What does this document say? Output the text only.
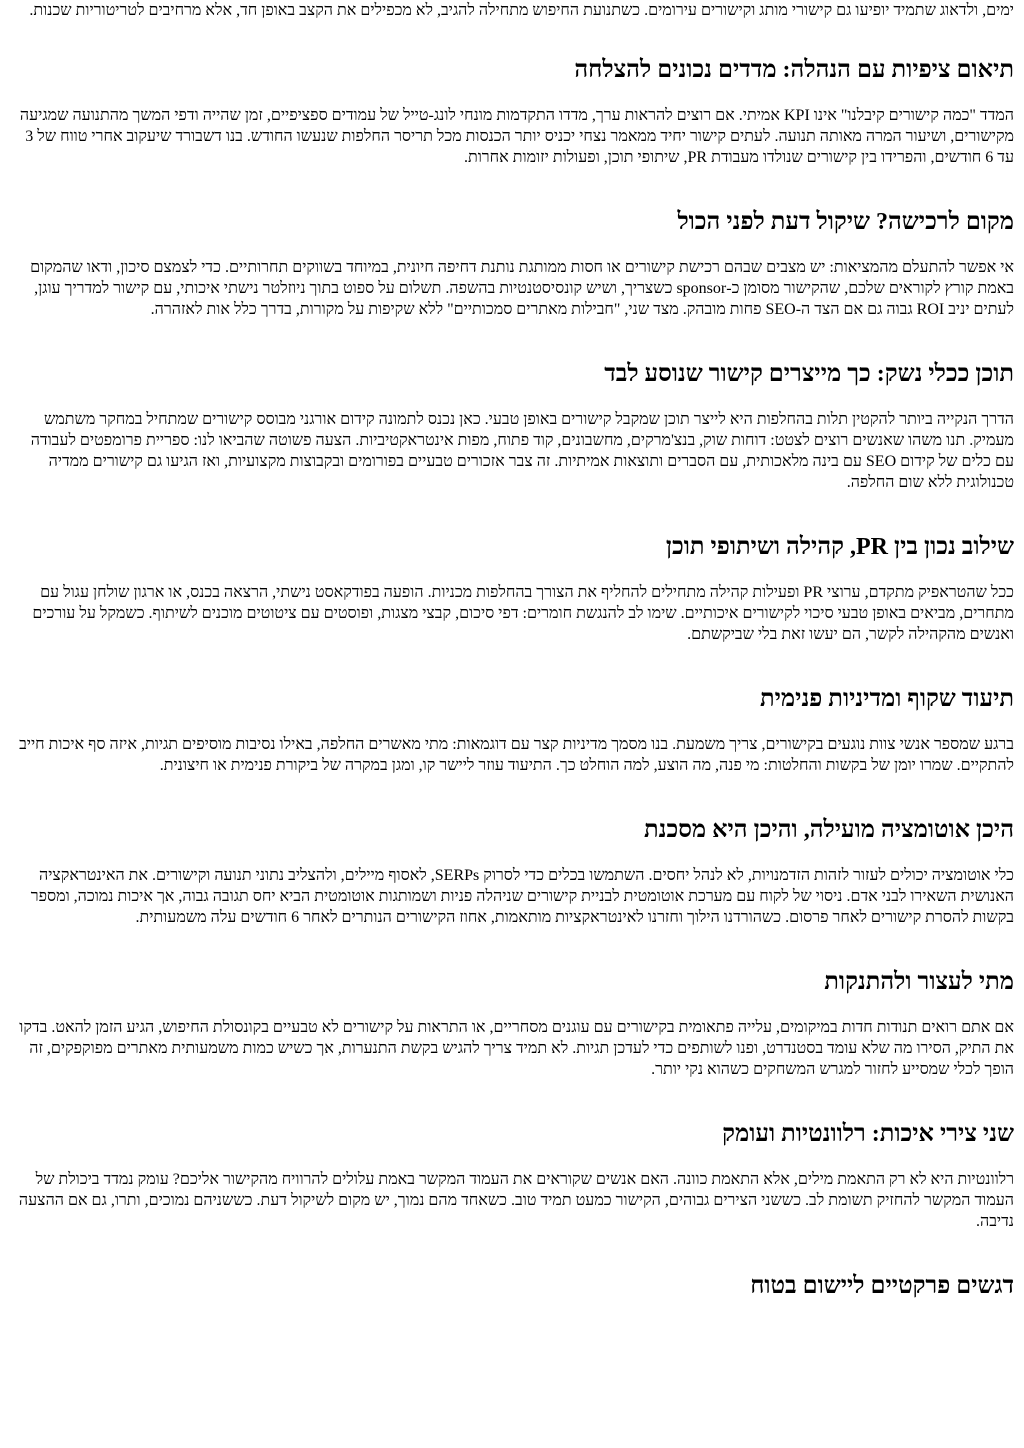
ימים, ולדאוג שתמיד יופיעו גם קישורי מותג וקישורים עירומים. כשתנועת החיפוש מתחילה להגיב, לא מכפילים את הקצב באופן חד, אלא מרחיבים לטריטוריות שכנות.

תיאום ציפיות עם הנהלה: מדדים נכונים להצלחה

המדד "כמה קישורים קיבלנו" אינו KPI אמיתי. אם רוצים להראות ערך, מדדו התקדמות מונחי לונג-טייל של עמודים ספציפיים, זמן שהייה ודפי המשך מהתנועה שמגיעה מקישורים, ושיעור המרה מאותה תנועה. לעתים קישור יחיד ממאמר נצחי יכניס יותר הכנסות מכל תריסר החלפות שנעשו החודש. בנו דשבורד שיעקוב אחרי טווח של 3 עד 6 חודשים, והפרידו בין קישורים שנולדו מעבודת PR, שיתופי תוכן, ופעולות יזומות אחרות.

מקום לרכישה? שיקול דעת לפני הכול

אי אפשר להתעלם מהמציאות: יש מצבים שבהם רכישת קישורים או חסות ממותגת נותנת דחיפה חיונית, במיוחד בשווקים תחרותיים. כדי לצמצם סיכון, ודאו שהמקום באמת קורץ לקוראים שלכם, שהקישור מסומן כ-sponsor כשצריך, ושיש קונסיסטנטיות בהשפה. תשלום על ספוט בתוך ניוזלטר נישתי איכותי, עם קישור למדריך עוגן, לעתים יניב ROI גבוה גם אם הצד ה-SEO פחות מובהק. מצד שני, "חבילות מאתרים סמכותיים" ללא שקיפות על מקורות, בדרך כלל אות לאזהרה.

תוכן ככלי נשק: כך מייצרים קישור שנוסע לבד

הדרך הנקייה ביותר להקטין תלות בהחלפות היא לייצר תוכן שמקבל קישורים באופן טבעי. כאן נכנס לתמונה קידום אורגני מבוסס קישורים שמתחיל במחקר משתמש מעמיק. תנו משהו שאנשים רוצים לצטט: דוחות שוק, בנצ'מרקים, מחשבונים, קוד פתוח, מפות אינטראקטיביות. הצעה פשוטה שהביאו לנו: ספריית פרומפטים לעבודה עם כלים של קידום SEO עם בינה מלאכותית, עם הסברים ותוצאות אמיתיות. זה צבר אזכורים טבעיים בפורומים ובקבוצות מקצועיות, ואז הגיעו גם קישורים ממדיה טכנולוגית ללא שום החלפה.

שילוב נכון בין PR, קהילה ושיתופי תוכן

ככל שהטראפיק מתקדם, ערוצי PR ופעילות קהילה מתחילים להחליף את הצורך בהחלפות מכניות. הופעה בפודקאסט נישתי, הרצאה בכנס, או ארגון שולחן עגול עם מתחרים, מביאים באופן טבעי סיכוי לקישורים איכותיים. שימו לב להנגשת חומרים: דפי סיכום, קבצי מצגות, ופוסטים עם ציטוטים מוכנים לשיתוף. כשמקל על עורכים ואנשים מהקהילה לקשר, הם יעשו זאת בלי שביקשתם.

תיעוד שקוף ומדיניות פנימית

ברגע שמספר אנשי צוות נוגעים בקישורים, צריך משמעת. בנו מסמך מדיניות קצר עם דוגמאות: מתי מאשרים החלפה, באילו נסיבות מוסיפים תגיות, איזה סף איכות חייב להתקיים. שמרו יומן של בקשות והחלטות: מי פנה, מה הוצע, למה הוחלט כך. התיעוד עוזר ליישר קו, ומגן במקרה של ביקורת פנימית או חיצונית.

היכן אוטומציה מועילה, והיכן היא מסכנת

כלי אוטומציה יכולים לעזור לזהות הזדמנויות, לא לנהל יחסים. השתמשו בכלים כדי לסרוק SERPs, לאסוף מיילים, ולהצליב נתוני תנועה וקישורים. את האינטראקציה האנושית השאירו לבני אדם. ניסוי של לקוח עם מערכת אוטומטית לבניית קישורים שניהלה פניות ושמותגות אוטומטית הביא יחס תגובה גבוה, אך איכות נמוכה, ומספר בקשות להסרת קישורים לאחר פרסום. כשהורדנו הילוך וחזרנו לאינטראקציות מותאמות, אחוז הקישורים הנותרים לאחר 6 חודשים עלה משמעותית.

מתי לעצור ולהתנקות

אם אתם רואים תנודות חדות במיקומים, עלייה פתאומית בקישורים עם עוגנים מסחריים, או התראות על קישורים לא טבעיים בקונסולת החיפוש, הגיע הזמן להאט. בדקו את התיק, הסירו מה שלא עומד בסטנדרט, ופנו לשותפים כדי לעדכן תגיות. לא תמיד צריך להגיש בקשת התנערות, אך כשיש כמות משמעותית מאתרים מפוקפקים, זה הופך לכלי שמסייע לחזור למגרש המשחקים כשהוא נקי יותר.

שני צירי איכות: רלוונטיות ועומק

רלוונטיות היא לא רק התאמת מילים, אלא התאמת כוונה. האם אנשים שקוראים את העמוד המקשר באמת עלולים להרוויח מהקישור אליכם? עומק נמדד ביכולת של העמוד המקשר להחזיק תשומת לב. כששני הצירים גבוהים, הקישור כמעט תמיד טוב. כשאחד מהם נמוך, יש מקום לשיקול דעת. כששניהם נמוכים, ותרו, גם אם ההצעה נדיבה.

דגשים פרקטיים ליישום בטוח
